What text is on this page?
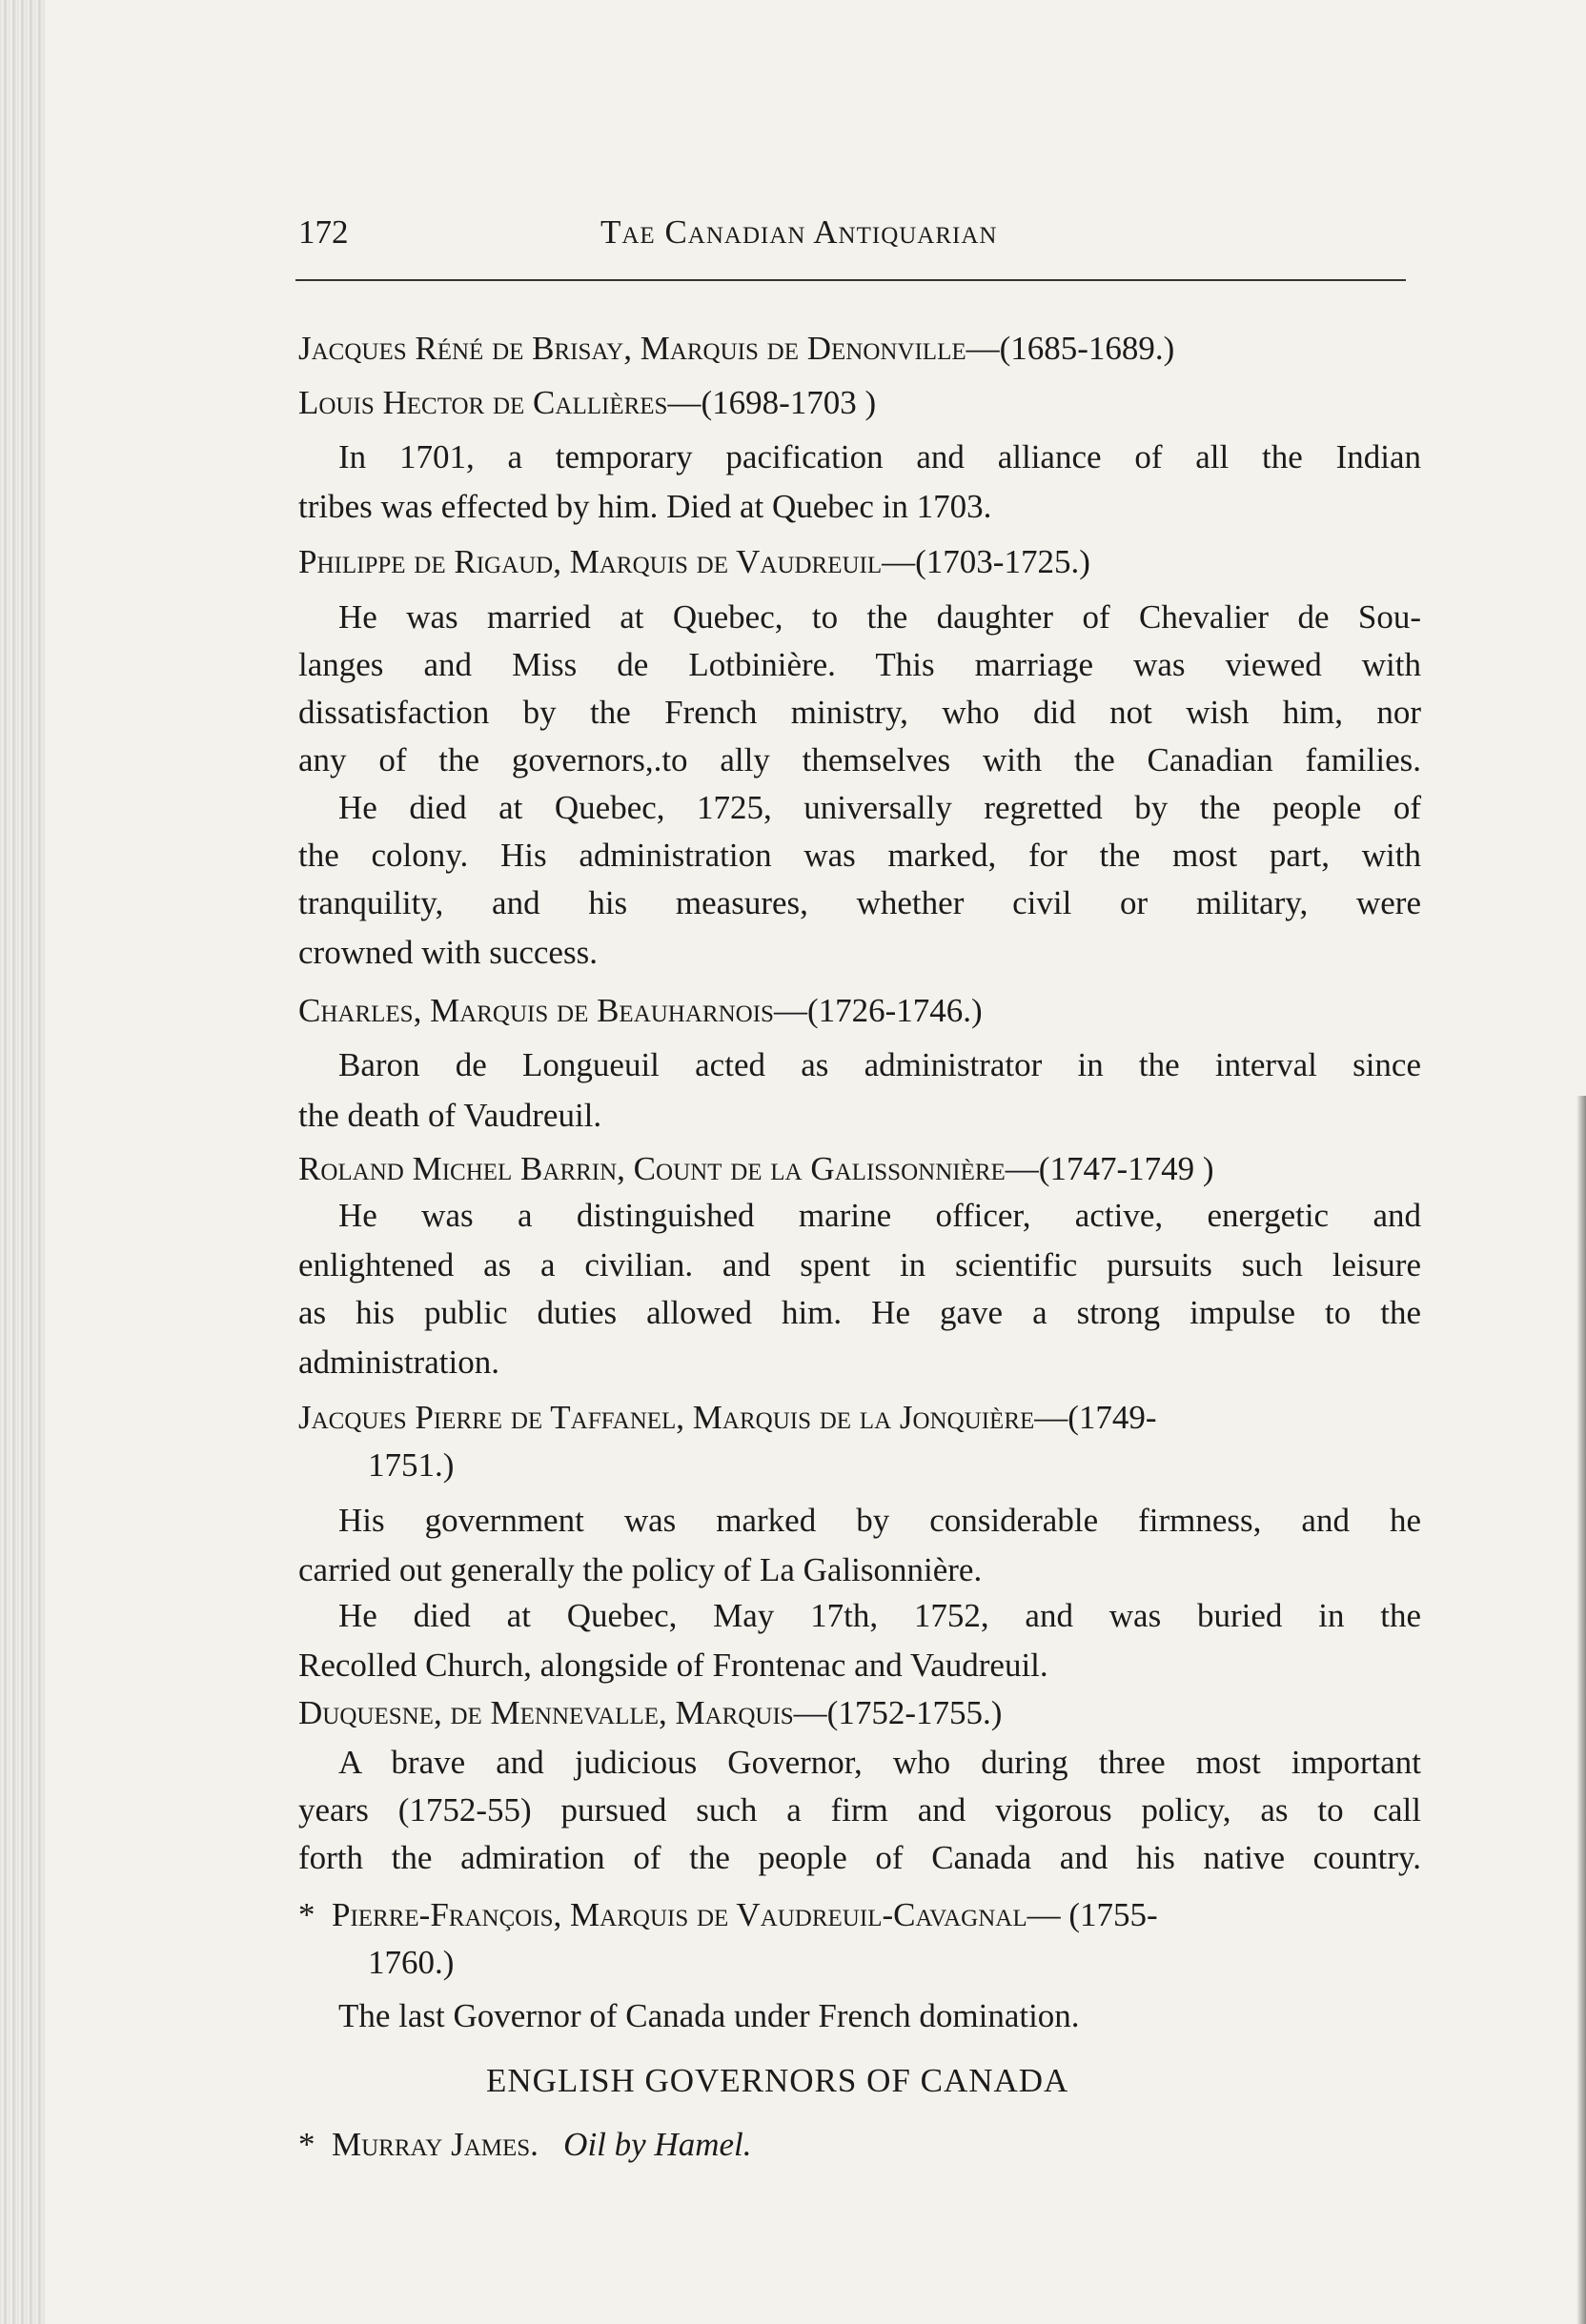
172	Tae Canadian Antiquarian
Jacques Réné de Brisay, Marquis de Denonville—(1685-1689.)
Louis Hector de Callières—(1698-1703 )
In 1701, a temporary pacification and alliance of all the Indian
tribes was effected by him. Died at Quebec in 1703.
Philippe de Rigaud, Marquis de Vaudreuil—(1703-1725.)
He was married at Quebec, to the daughter of Chevalier de Sou-
langes and Miss de Lotbinière. This marriage was viewed with
dissatisfaction by the French ministry, who did not wish him, nor
any of the governors,.to ally themselves with the Canadian families.
He died at Quebec, 1725, universally regretted by the people of
the colony. His administration was marked, for the most part, with
tranquility, and his measures, whether civil or military, were
crowned with success.
Charles, Marquis de Beauharnois—(1726-1746.)
Baron de Longueuil acted as administrator in the interval since
the death of Vaudreuil.
Roland Michel Barrin, Count de la Galissonnière—(1747-1749 )
He was a distinguished marine officer, active, energetic and
enlightened as a civilian. and spent in scientific pursuits such leisure
as his public duties allowed him. He gave a strong impulse to the
administration.
Jacques Pierre de Taffanel, Marquis de la Jonquière—(1749-
1751.)
His government was marked by considerable firmness, and he
carried out generally the policy of La Galisonnière.
He died at Quebec, May 17th, 1752, and was buried in the
Recolled Church, alongside of Frontenac and Vaudreuil.
Duquesne, de Mennevalle, Marquis—(1752-1755.)
A brave and judicious Governor, who during three most important
years (1752-55) pursued such a firm and vigorous policy, as to call
forth the admiration of the people of Canada and his native country.
* Pierre-François, Marquis de Vaudreuil-Cavagnal— (1755-
1760.)
The last Governor of Canada under French domination.
ENGLISH GOVERNORS OF CANADA
* Murray James. Oil by Hamel.
